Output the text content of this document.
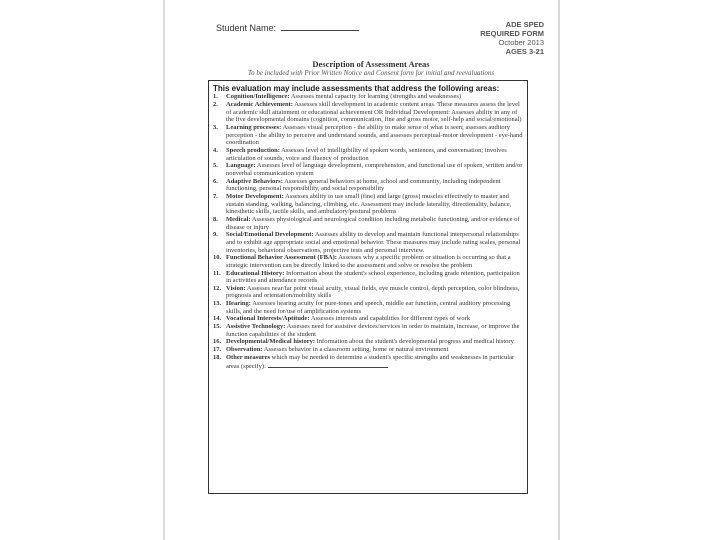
Student Name:	ADE SPED
REQUIRED FORM
October 2013
AGES 3-21
Description of Assessment Areas
To be included with Prior Written Notice and Consent form for initial and reevaluations
This evaluation may include assessments that address the following areas:
1.	Cognition/Intelligence: Assesses mental capacity for learning (strengths and weaknesses)
2.	Academic Achievement: Assesses skill development in academic content areas. These measures assess the level of academic skill attainment or educational achievement OR Individual Development: Assesses ability in any of the five developmental domains (cognition, communication, fine and gross motor, self-help and social/emotional)
3.	Learning processes: Assesses visual perception - the ability to make sense of what is seen; assesses auditory perception - the ability to perceive and understand sounds, and assesses perceptual-motor development - eye-hand coordination
4.	Speech production: Assesses level of intelligibility of spoken words, sentences, and conversation; involves articulation of sounds, voice and fluency of production
5.	Language: Assesses level of language development, comprehension, and functional use of spoken, written and/or nonverbal communication system
6.	Adaptive Behaviors: Assesses general behaviors at home, school and community, including independent functioning, personal responsibility, and social responsibility
7.	Motor Development: Assesses ability to use small (fine) and large (gross) muscles effectively to master and sustain standing, walking, balancing, climbing, etc. Assessment may include laterality, directionality, balance, kinesthetic skills, tactile skills, and ambulatory/postural problems
8.	Medical: Assesses physiological and neurological condition including metabolic functioning, and/or evidence of disease or injury
9.	Social/Emotional Development: Assesses ability to develop and maintain functional interpersonal relationships and to exhibit age appropriate social and emotional behavior. These measures may include rating scales, personal inventories, behavioral observations, projective tests and personal interview.
10. Functional Behavior Assessment (FBA): Assesses why a specific problem or situation is occurring so that a strategic intervention can be directly linked to the assessment and solve or resolve the problem
11. Educational History: Information about the student's school experience, including grade retention, participation in activities and attendance records
12. Vision: Assesses near/far point visual acuity, visual fields, eye muscle control, depth perception, color blindness, prognosis and orientation/mobility skills
13. Hearing: Assesses hearing acuity for pure-tones and speech, middle ear function, central auditory processing skills, and the need for/use of amplification systems
14. Vocational Interests/Aptitude: Assesses interests and capabilities for different types of work
15. Assistive Technology: Assesses need for assistive devices/services in order to maintain, increase, or improve the function capabilities of the student
16. Developmental/Medical history: Information about the student's developmental progress and medical history
17. Observation: Assesses behavior in a classroom setting, home or natural environment
18. Other measures which may be needed to determine a student's specific strengths and weaknesses in particular areas (specify):
